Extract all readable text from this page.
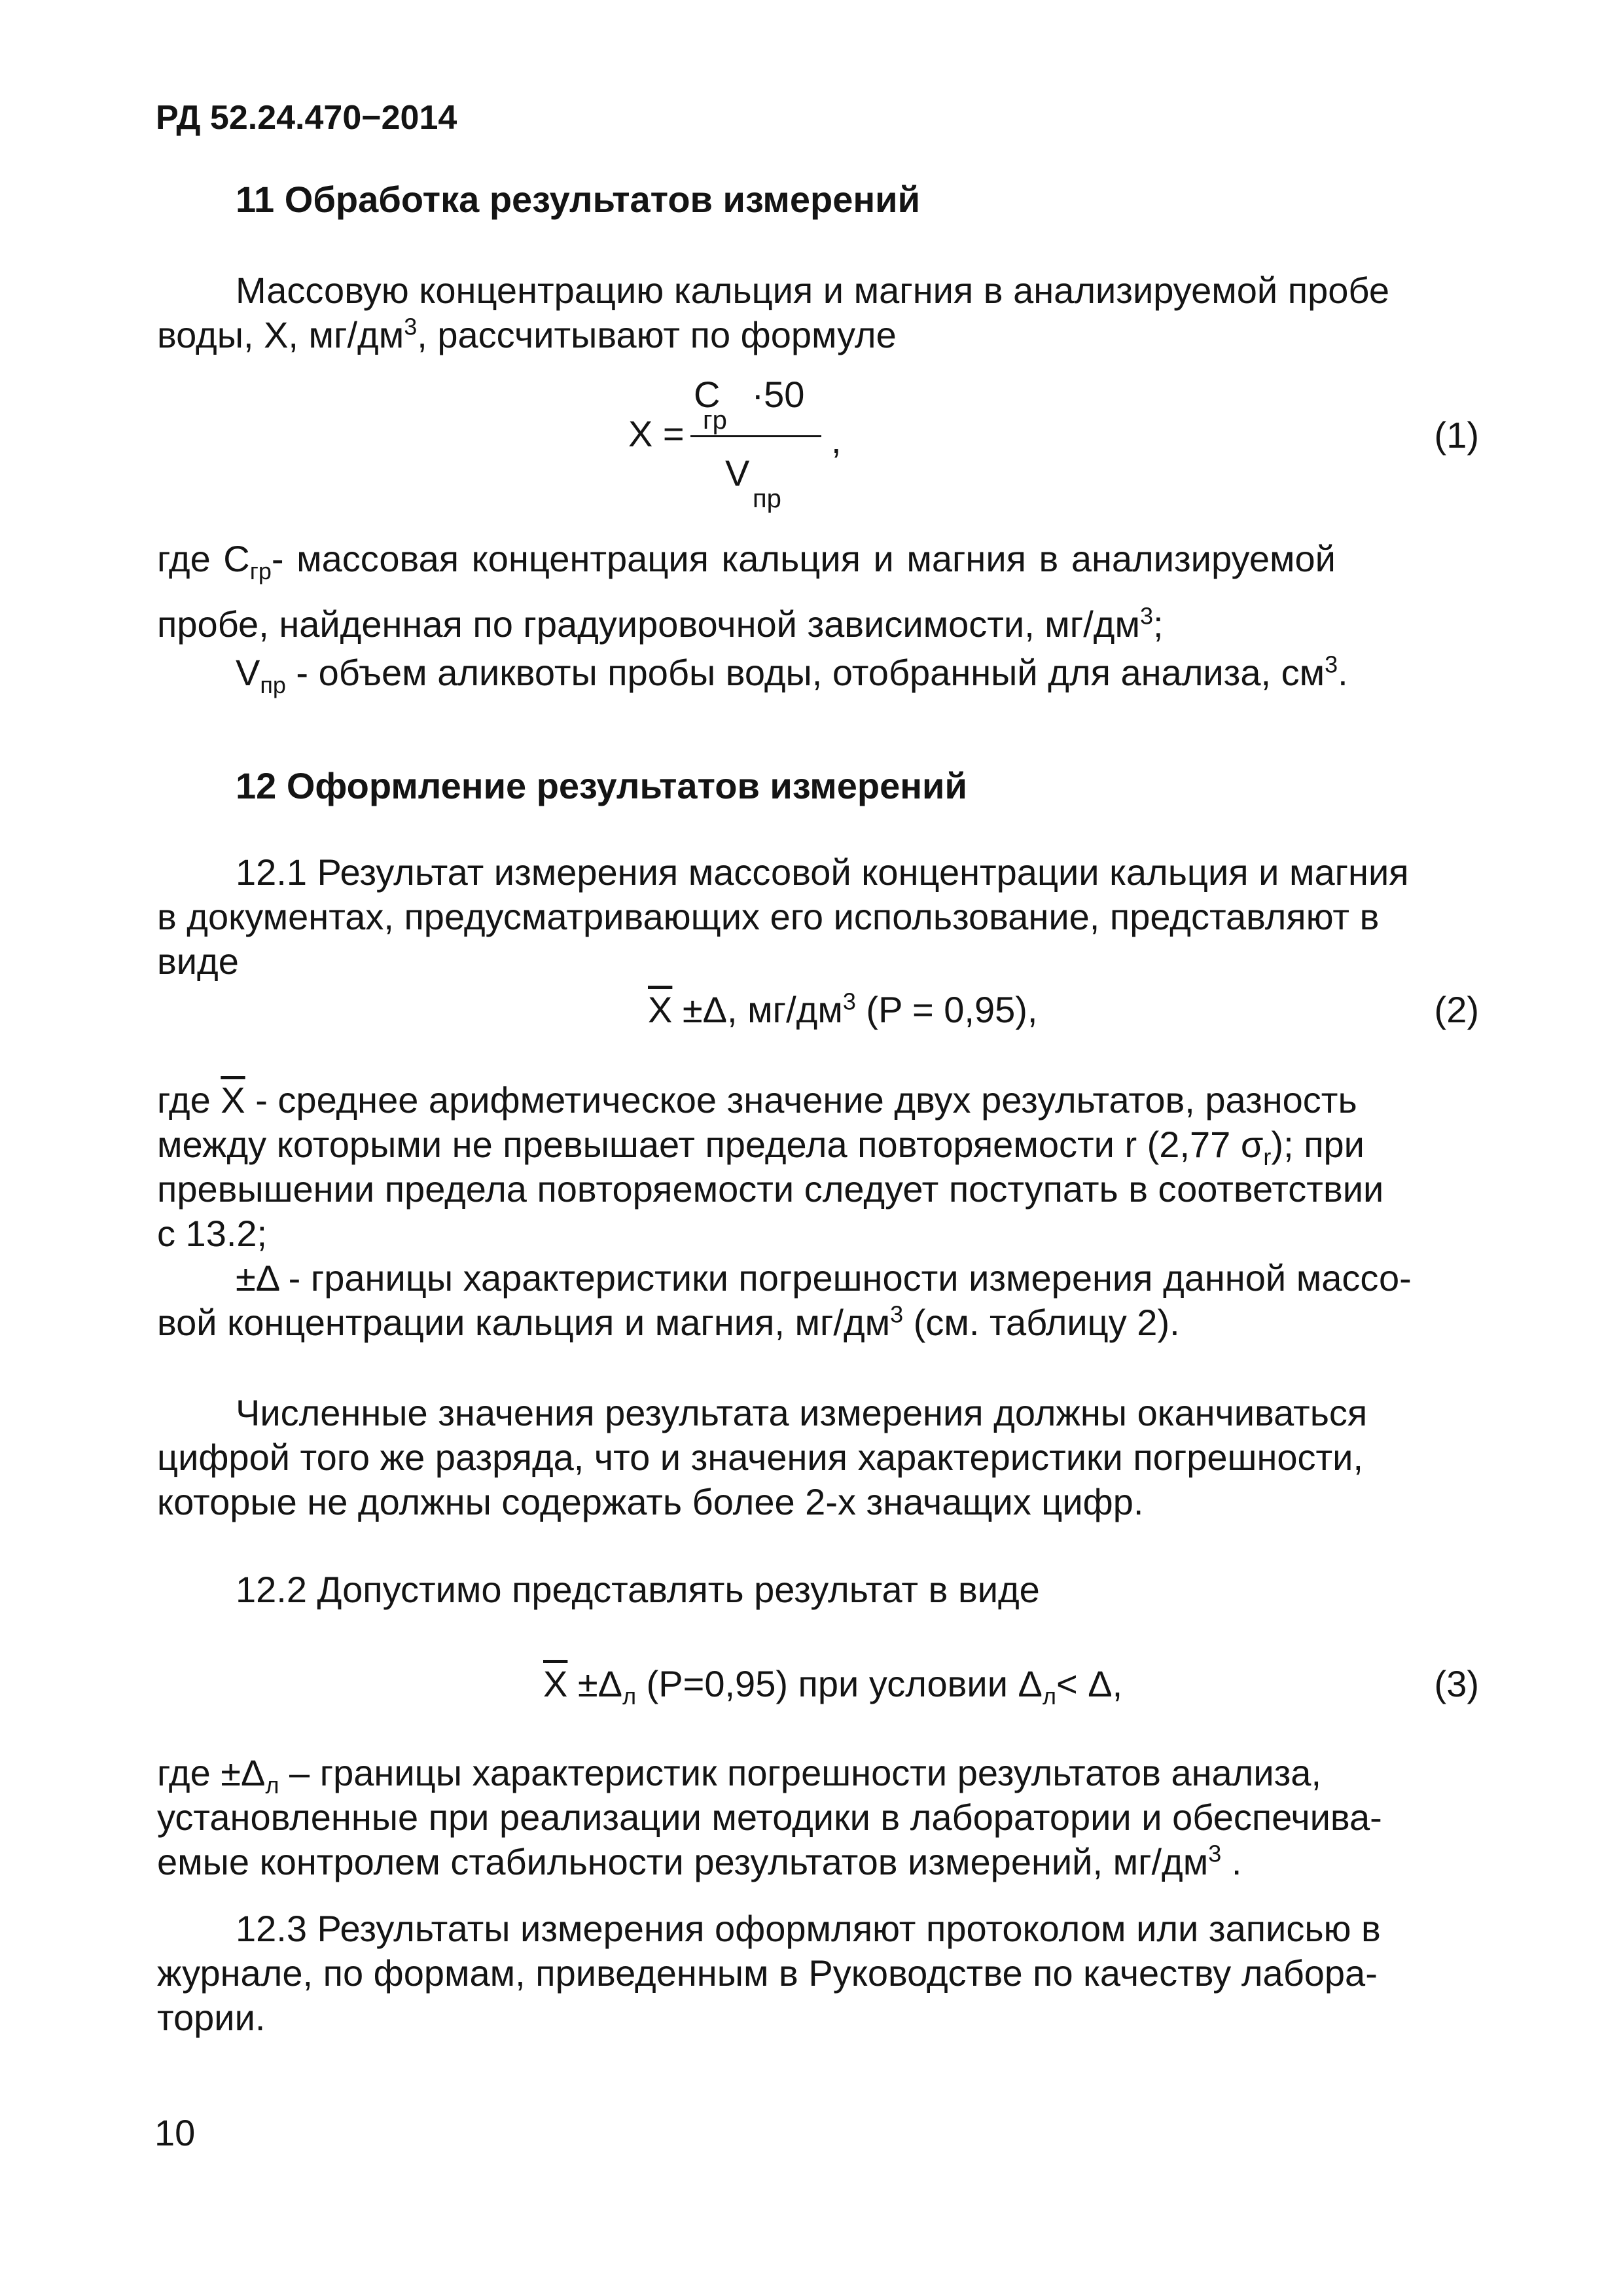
РД 52.24.470−2014
11 Обработка результатов измерений
Массовую концентрацию кальция и магния в анализируемой пробе
воды, X, $мг/дм^3$, рассчитывают по формуле
X =
C
гр
·50
V
пр
,	(1)
где $C_{гр}-$ массовая концентрация кальция и магния в анализируемой
пробе, найденная по градуировочной зависимости, $мг/дм^3$;
$V_{пр}$ - объем аликвоты пробы воды, отобранный для анализа, $см^3$.
12 Оформление результатов измерений
12.1 Результат измерения массовой концентрации кальция и магния
в документах, предусматривающих его использование, представляют в
виде
$\overline{X} \pm\Delta$, $мг/дм^3$ (P = 0,95),	(2)
где $\overline{X}$ - среднее арифметическое значение двух результатов, разность
между которыми не превышает предела повторяемости r (2,77 $\sigma_r$); при
превышении предела повторяемости следует поступать в соответствии
с 13.2;
±Δ - границы характеристики погрешности измерения данной массо-
вой концентрации кальция и магния, $мг/дм^3$ (см. таблицу 2).
Численные значения результата измерения должны оканчиваться
цифрой того же разряда, что и значения характеристики погрешности,
которые не должны содержать более 2-х значащих цифр.
12.2 Допустимо представлять результат в виде
$\overline{X} \pm\Delta_л$ (P=0,95) при условии $\Delta_л< \Delta$,	(3)
где $\pm\Delta_л$ – границы характеристик погрешности результатов анализа,
установленные при реализации методики в лаборатории и обеспечива-
емые контролем стабильности результатов измерений, $мг/дм^3$ .
12.3 Результаты измерения оформляют протоколом или записью в
журнале, по формам, приведенным в Руководстве по качеству лабора-
тории.
10
